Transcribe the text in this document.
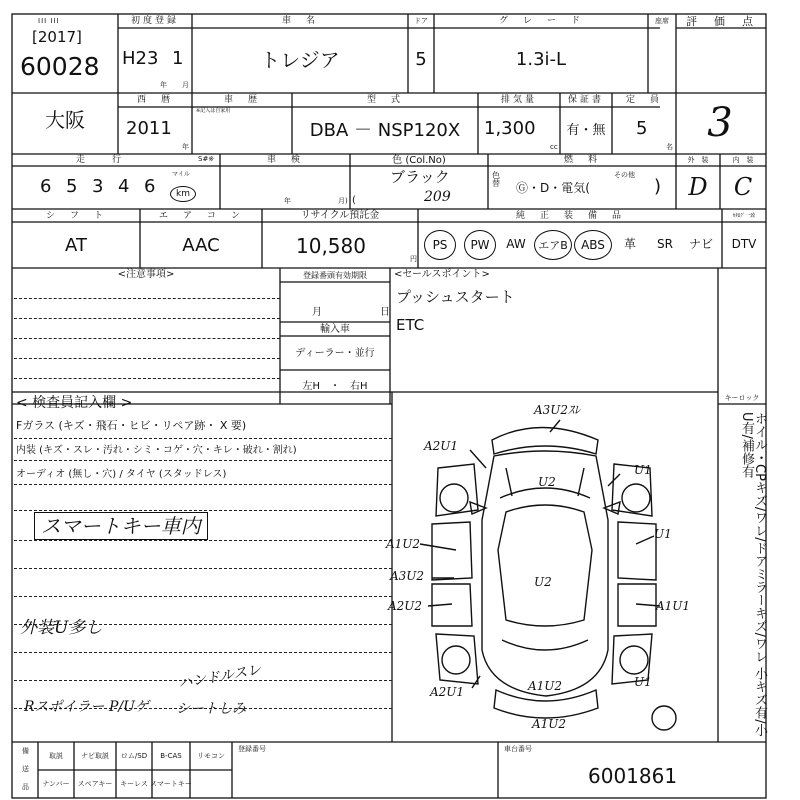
III III
[2017]
60028
初度登録
H23 1
年 月
車　名
トレジア
ドア
5
グ　レ　ー　ド
1.3i-L
座席	評　価　点
3
大阪
西　暦
2011
年
車　歴
※記入は自家用
型　式
DBA － NSP120X
排気量
1,300
cc
保証書
有・無
定　員
5
名
走　　行	S#※
6 5 3 4 6
マイル
km
車　検
年	月) (
色 (Col.No)
ブラック
209
色替
燃　料
Ⓖ・D・電気(
その他
)
外　装
D
内　装
C
シ　フ　ト
AT
エ　ア　コ　ン
AAC
リサイクル預託金
10,580
円
純　正　装　備　品	ｶﾀﾛｸﾞ一致
PS	PW	AW	エアB	ABS	革	SR	ナビ	DTV
<注意事項>	登録番頭有効期限
月	日
輸入車
ディーラー・並行
左H　・　右H
<セールスポイント>
プッシュスタート
ETC
< 検査員記入欄 >
Fガラス (キズ・飛石・ヒビ・リペア跡・ X 要)
内装 (キズ・スレ・汚れ・シミ・コゲ・穴・キレ・破れ・割れ)
オーディオ (無し・穴) / タイヤ (スタッドレス)
スマートキー車内
外装U多し
ハンドルスレ
Rスポイラー P/Uゲ シートしみ
キーロック
ホイル・CPキズ/ワレ/ドアミラーキズ/ワレ 小キズ有/小U有/補修有
A3U2ｽﾚ
A2U1
U1
U2
U1
A1U2
A3U2
A2U2
U2
A1U1
A2U1	A1U2	U1
A1U2
備
送
品
取説	ナビ取説	ロム/SD	B-CAS	リモコン
ナンバー	スペアキー	キーレス スマートキー
登録番号	車台番号
6001861
